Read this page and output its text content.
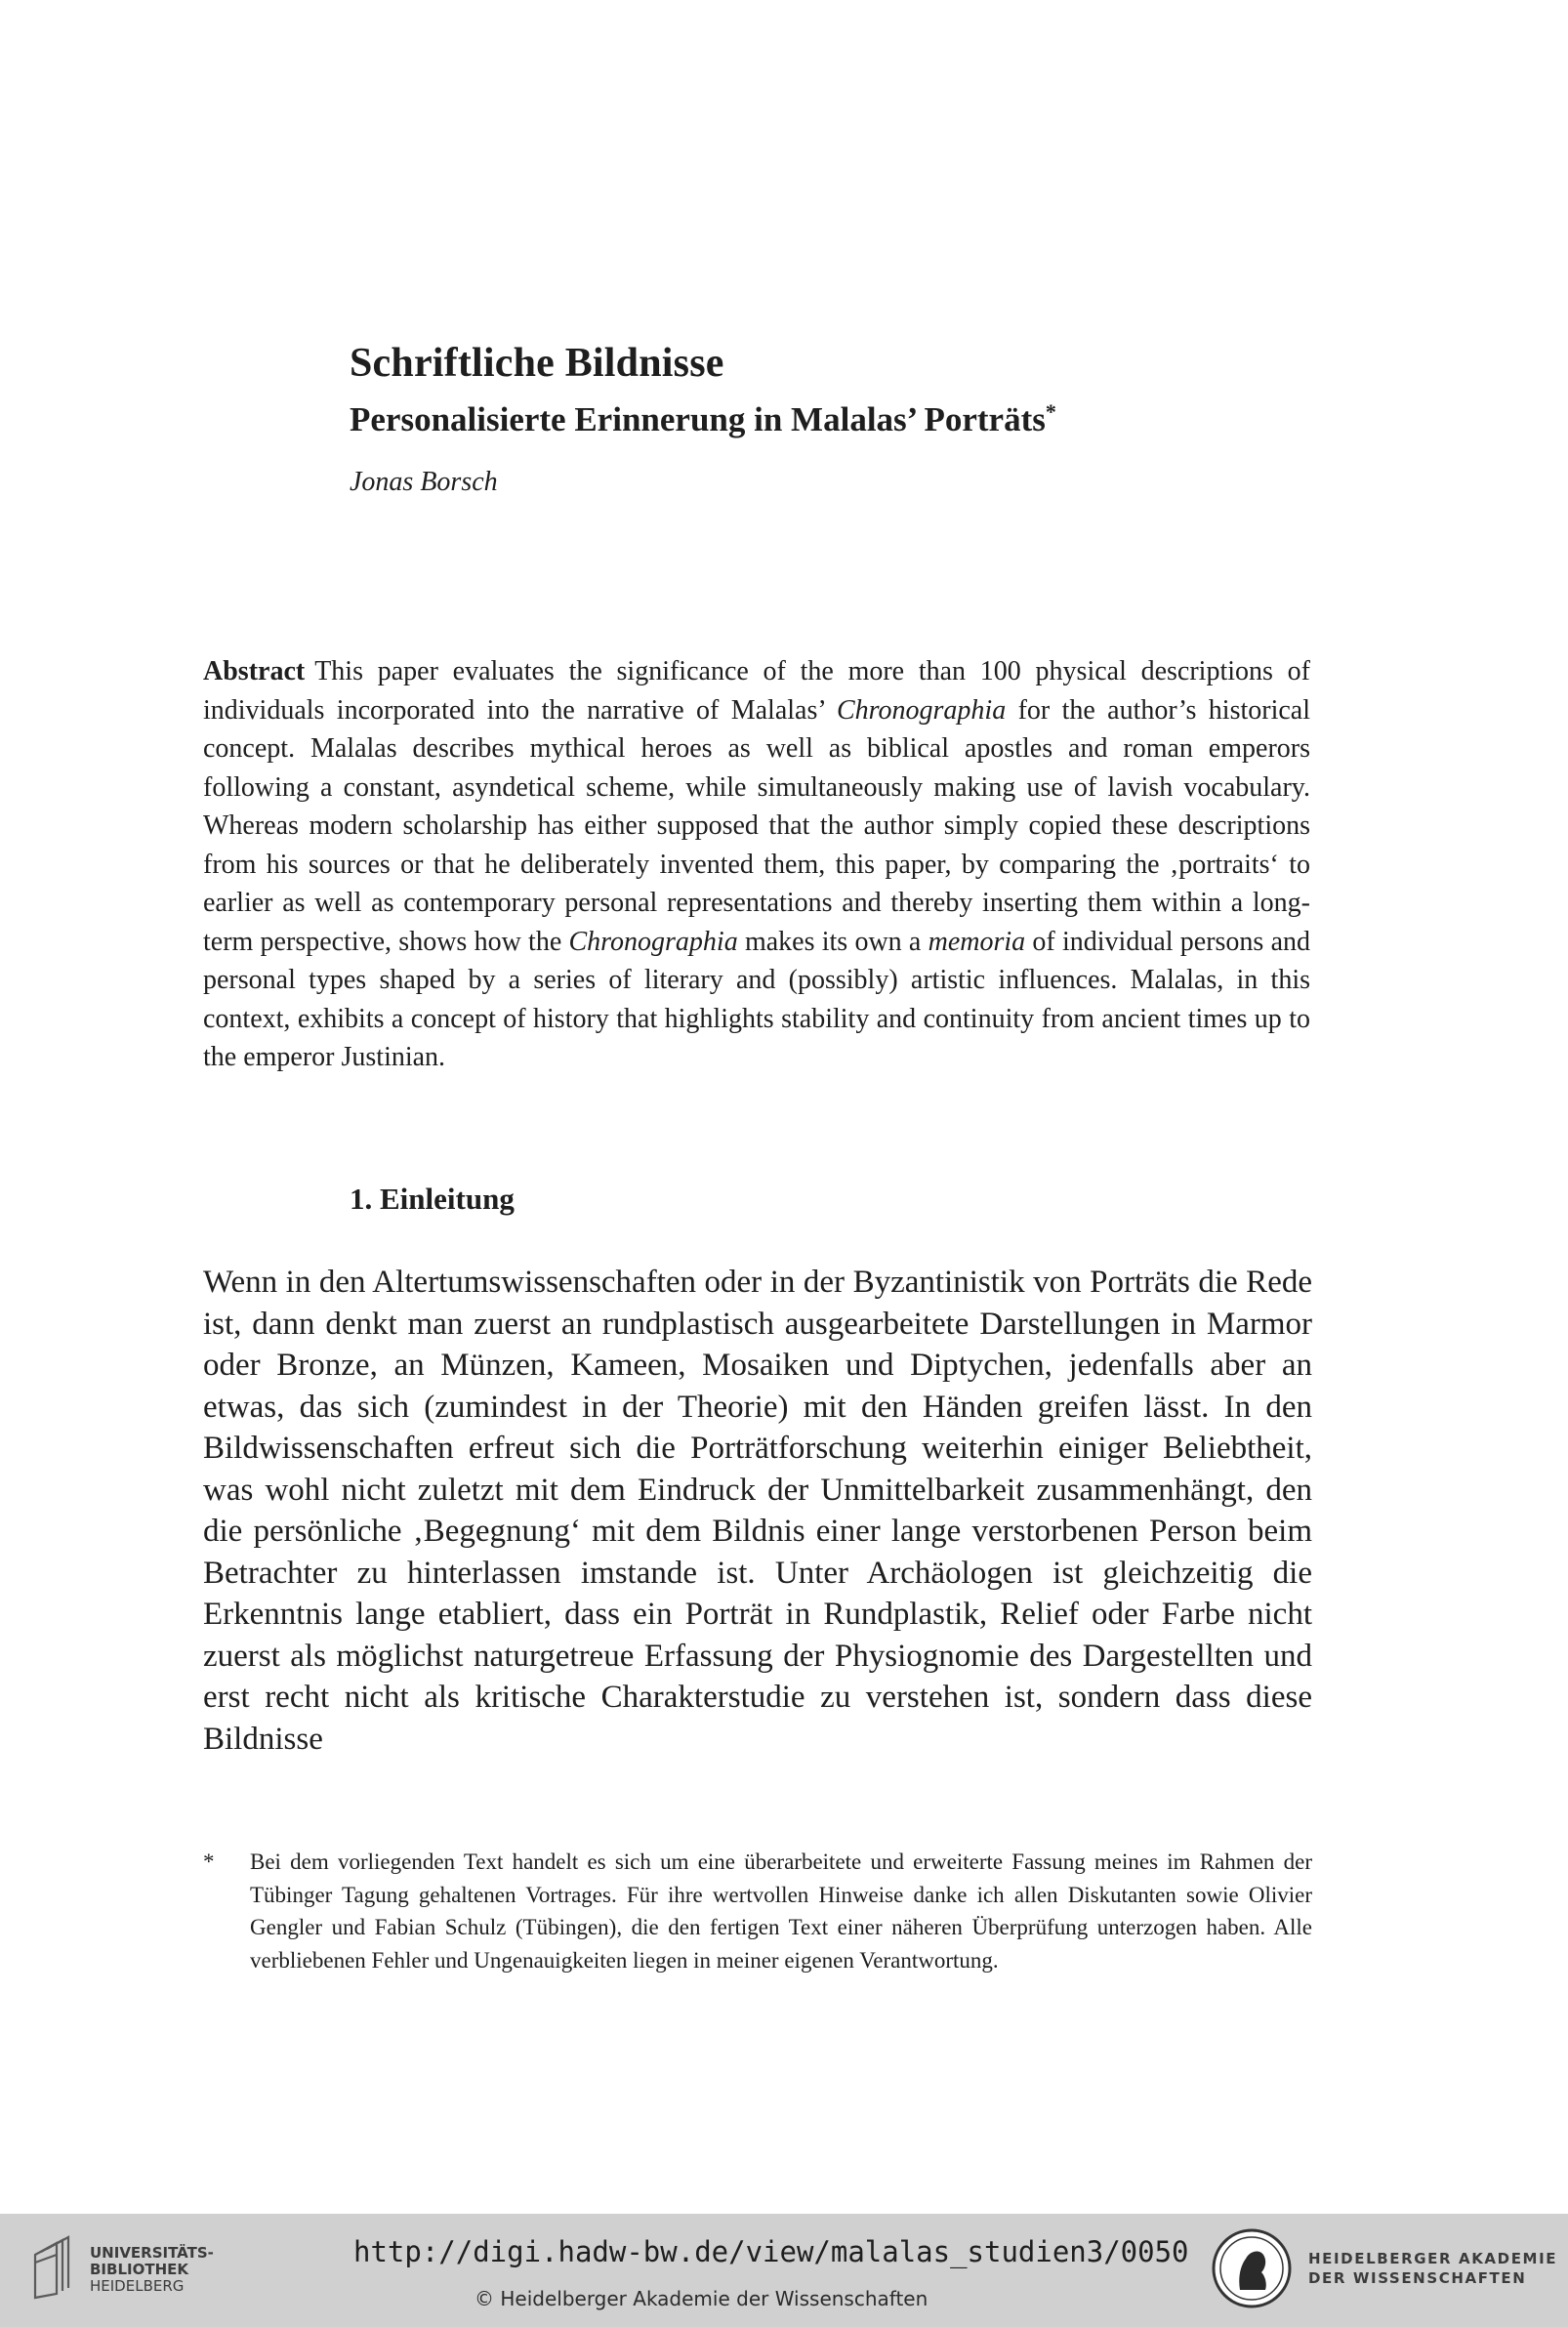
Schriftliche Bildnisse
Personalisierte Erinnerung in Malalas’ Porträts*

Jonas Borsch

Abstract This paper evaluates the significance of the more than 100 physical descriptions of individuals incorporated into the narrative of Malalas’ Chronographia for the author’s historical concept. Malalas describes mythical heroes as well as biblical apostles and roman emperors following a constant, asyndetical scheme, while simultaneously making use of lavish vocabulary. Whereas modern scholarship has either supposed that the author simply copied these descriptions from his sources or that he deliberately invented them, this paper, by comparing the ‚portraits‘ to earlier as well as contemporary personal representations and thereby inserting them within a long-term perspective, shows how the Chronographia makes its own a memoria of individual persons and personal types shaped by a series of literary and (possibly) artistic influences. Malalas, in this context, exhibits a concept of history that highlights stability and continuity from ancient times up to the emperor Justinian.

1. Einleitung

Wenn in den Altertumswissenschaften oder in der Byzantinistik von Porträts die Rede ist, dann denkt man zuerst an rundplastisch ausgearbeitete Darstellungen in Marmor oder Bronze, an Münzen, Kameen, Mosaiken und Diptychen, jedenfalls aber an etwas, das sich (zumindest in der Theorie) mit den Händen greifen lässt. In den Bildwissenschaften erfreut sich die Porträtforschung weiterhin einiger Beliebtheit, was wohl nicht zuletzt mit dem Eindruck der Unmittelbarkeit zusammenhängt, den die persönliche ‚Begegnung‘ mit dem Bildnis einer lange verstorbenen Person beim Betrachter zu hinterlassen imstande ist. Unter Archäologen ist gleichzeitig die Erkenntnis lange etabliert, dass ein Porträt in Rundplastik, Relief oder Farbe nicht zuerst als möglichst naturgetreue Erfassung der Physiognomie des Dargestellten und erst recht nicht als kritische Charakterstudie zu verstehen ist, sondern dass diese Bildnisse

* Bei dem vorliegenden Text handelt es sich um eine überarbeitete und erweiterte Fassung meines im Rahmen der Tübinger Tagung gehaltenen Vortrages. Für ihre wertvollen Hinweise danke ich allen Diskutanten sowie Olivier Gengler und Fabian Schulz (Tübingen), die den fertigen Text einer näheren Überprüfung unterzogen haben. Alle verbliebenen Fehler und Ungenauigkeiten liegen in meiner eigenen Verantwortung.

UNIVERSITÄTS-
BIBLIOTHEK
HEIDELBERG
http://digi.hadw-bw.de/view/malalas_studien3/0050
© Heidelberger Akademie der Wissenschaften
HEIDELBERGER AKADEMIE
DER WISSENSCHAFTEN
